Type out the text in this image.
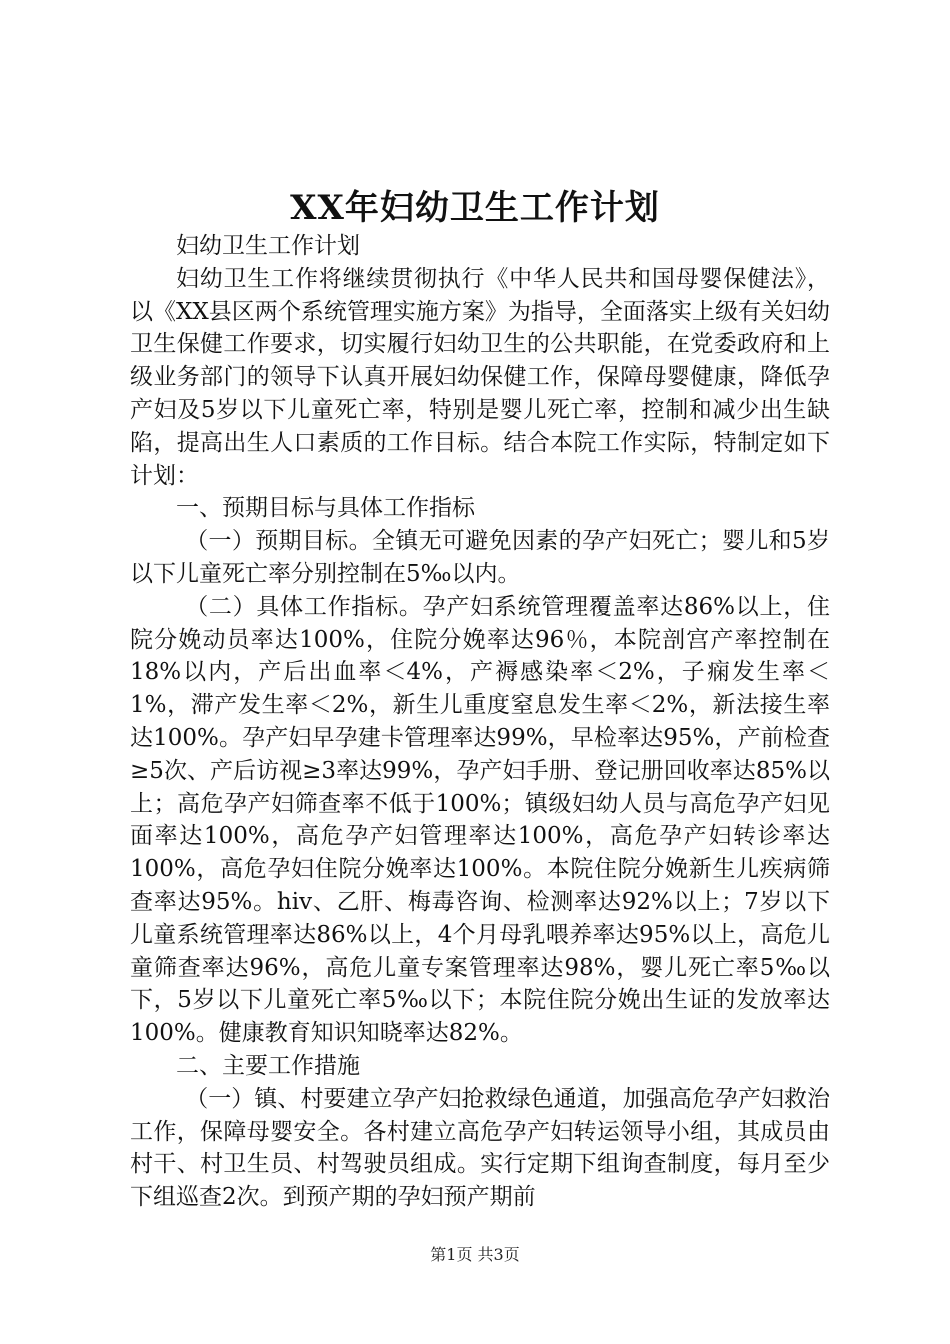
XX年妇幼卫生工作计划

妇幼卫生工作计划

妇幼卫生工作将继续贯彻执行《中华人民共和国母婴保健法》，以《XX县区两个系统管理实施方案》为指导，全面落实上级有关妇幼卫生保健工作要求，切实履行妇幼卫生的公共职能，在党委政府和上级业务部门的领导下认真开展妇幼保健工作，保障母婴健康，降低孕产妇及5岁以下儿童死亡率，特别是婴儿死亡率，控制和减少出生缺陷，提高出生人口素质的工作目标。结合本院工作实际，特制定如下计划：

一、预期目标与具体工作指标

（一）预期目标。全镇无可避免因素的孕产妇死亡；婴儿和5岁以下儿童死亡率分别控制在5‰以内。

（二）具体工作指标。孕产妇系统管理覆盖率达86%以上，住院分娩动员率达100%，住院分娩率达96％，本院剖宫产率控制在18%以内，产后出血率＜4%，产褥感染率＜2%，子痫发生率＜1%，滞产发生率＜2%，新生儿重度窒息发生率＜2%，新法接生率达100%。孕产妇早孕建卡管理率达99%，早检率达95%，产前检查≥5次、产后访视≥3率达99%，孕产妇手册、登记册回收率达85%以上；高危孕产妇筛查率不低于100%；镇级妇幼人员与高危孕产妇见面率达100%，高危孕产妇管理率达100%，高危孕产妇转诊率达100%，高危孕妇住院分娩率达100%。本院住院分娩新生儿疾病筛查率达95%。hiv、乙肝、梅毒咨询、检测率达92%以上；7岁以下儿童系统管理率达86%以上，4个月母乳喂养率达95%以上，高危儿童筛查率达96%，高危儿童专案管理率达98%，婴儿死亡率5‰以下，5岁以下儿童死亡率5‰以下；本院住院分娩出生证的发放率达100%。健康教育知识知晓率达82%。

二、主要工作措施

（一）镇、村要建立孕产妇抢救绿色通道，加强高危孕产妇救治工作，保障母婴安全。各村建立高危孕产妇转运领导小组，其成员由村干、村卫生员、村驾驶员组成。实行定期下组询查制度，每月至少下组巡查2次。到预产期的孕妇预产期前

第1页 共3页
